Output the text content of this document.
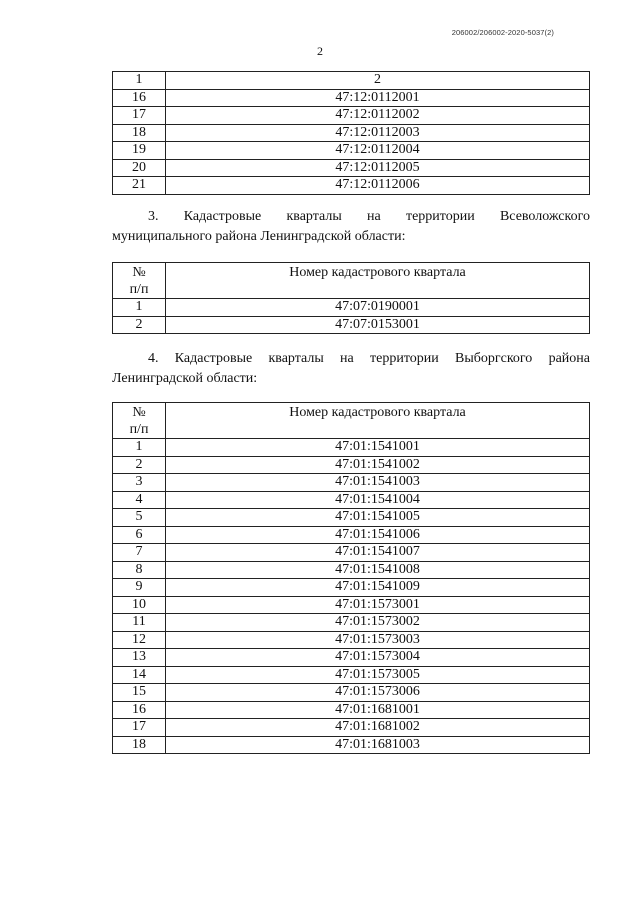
206002/206002-2020-5037(2)
2
1	2
16	47:12:0112001
17	47:12:0112002
18	47:12:0112003
19	47:12:0112004
20	47:12:0112005
21	47:12:0112006
3. Кадастровые кварталы на территории Всеволожского
муниципального района Ленинградской области:
№
п/п	Номер кадастрового квартала
1	47:07:0190001
2	47:07:0153001
4. Кадастровые кварталы на территории Выборгского района
Ленинградской области:
№
п/п	Номер кадастрового квартала
1	47:01:1541001
2	47:01:1541002
3	47:01:1541003
4	47:01:1541004
5	47:01:1541005
6	47:01:1541006
7	47:01:1541007
8	47:01:1541008
9	47:01:1541009
10	47:01:1573001
11	47:01:1573002
12	47:01:1573003
13	47:01:1573004
14	47:01:1573005
15	47:01:1573006
16	47:01:1681001
17	47:01:1681002
18	47:01:1681003
